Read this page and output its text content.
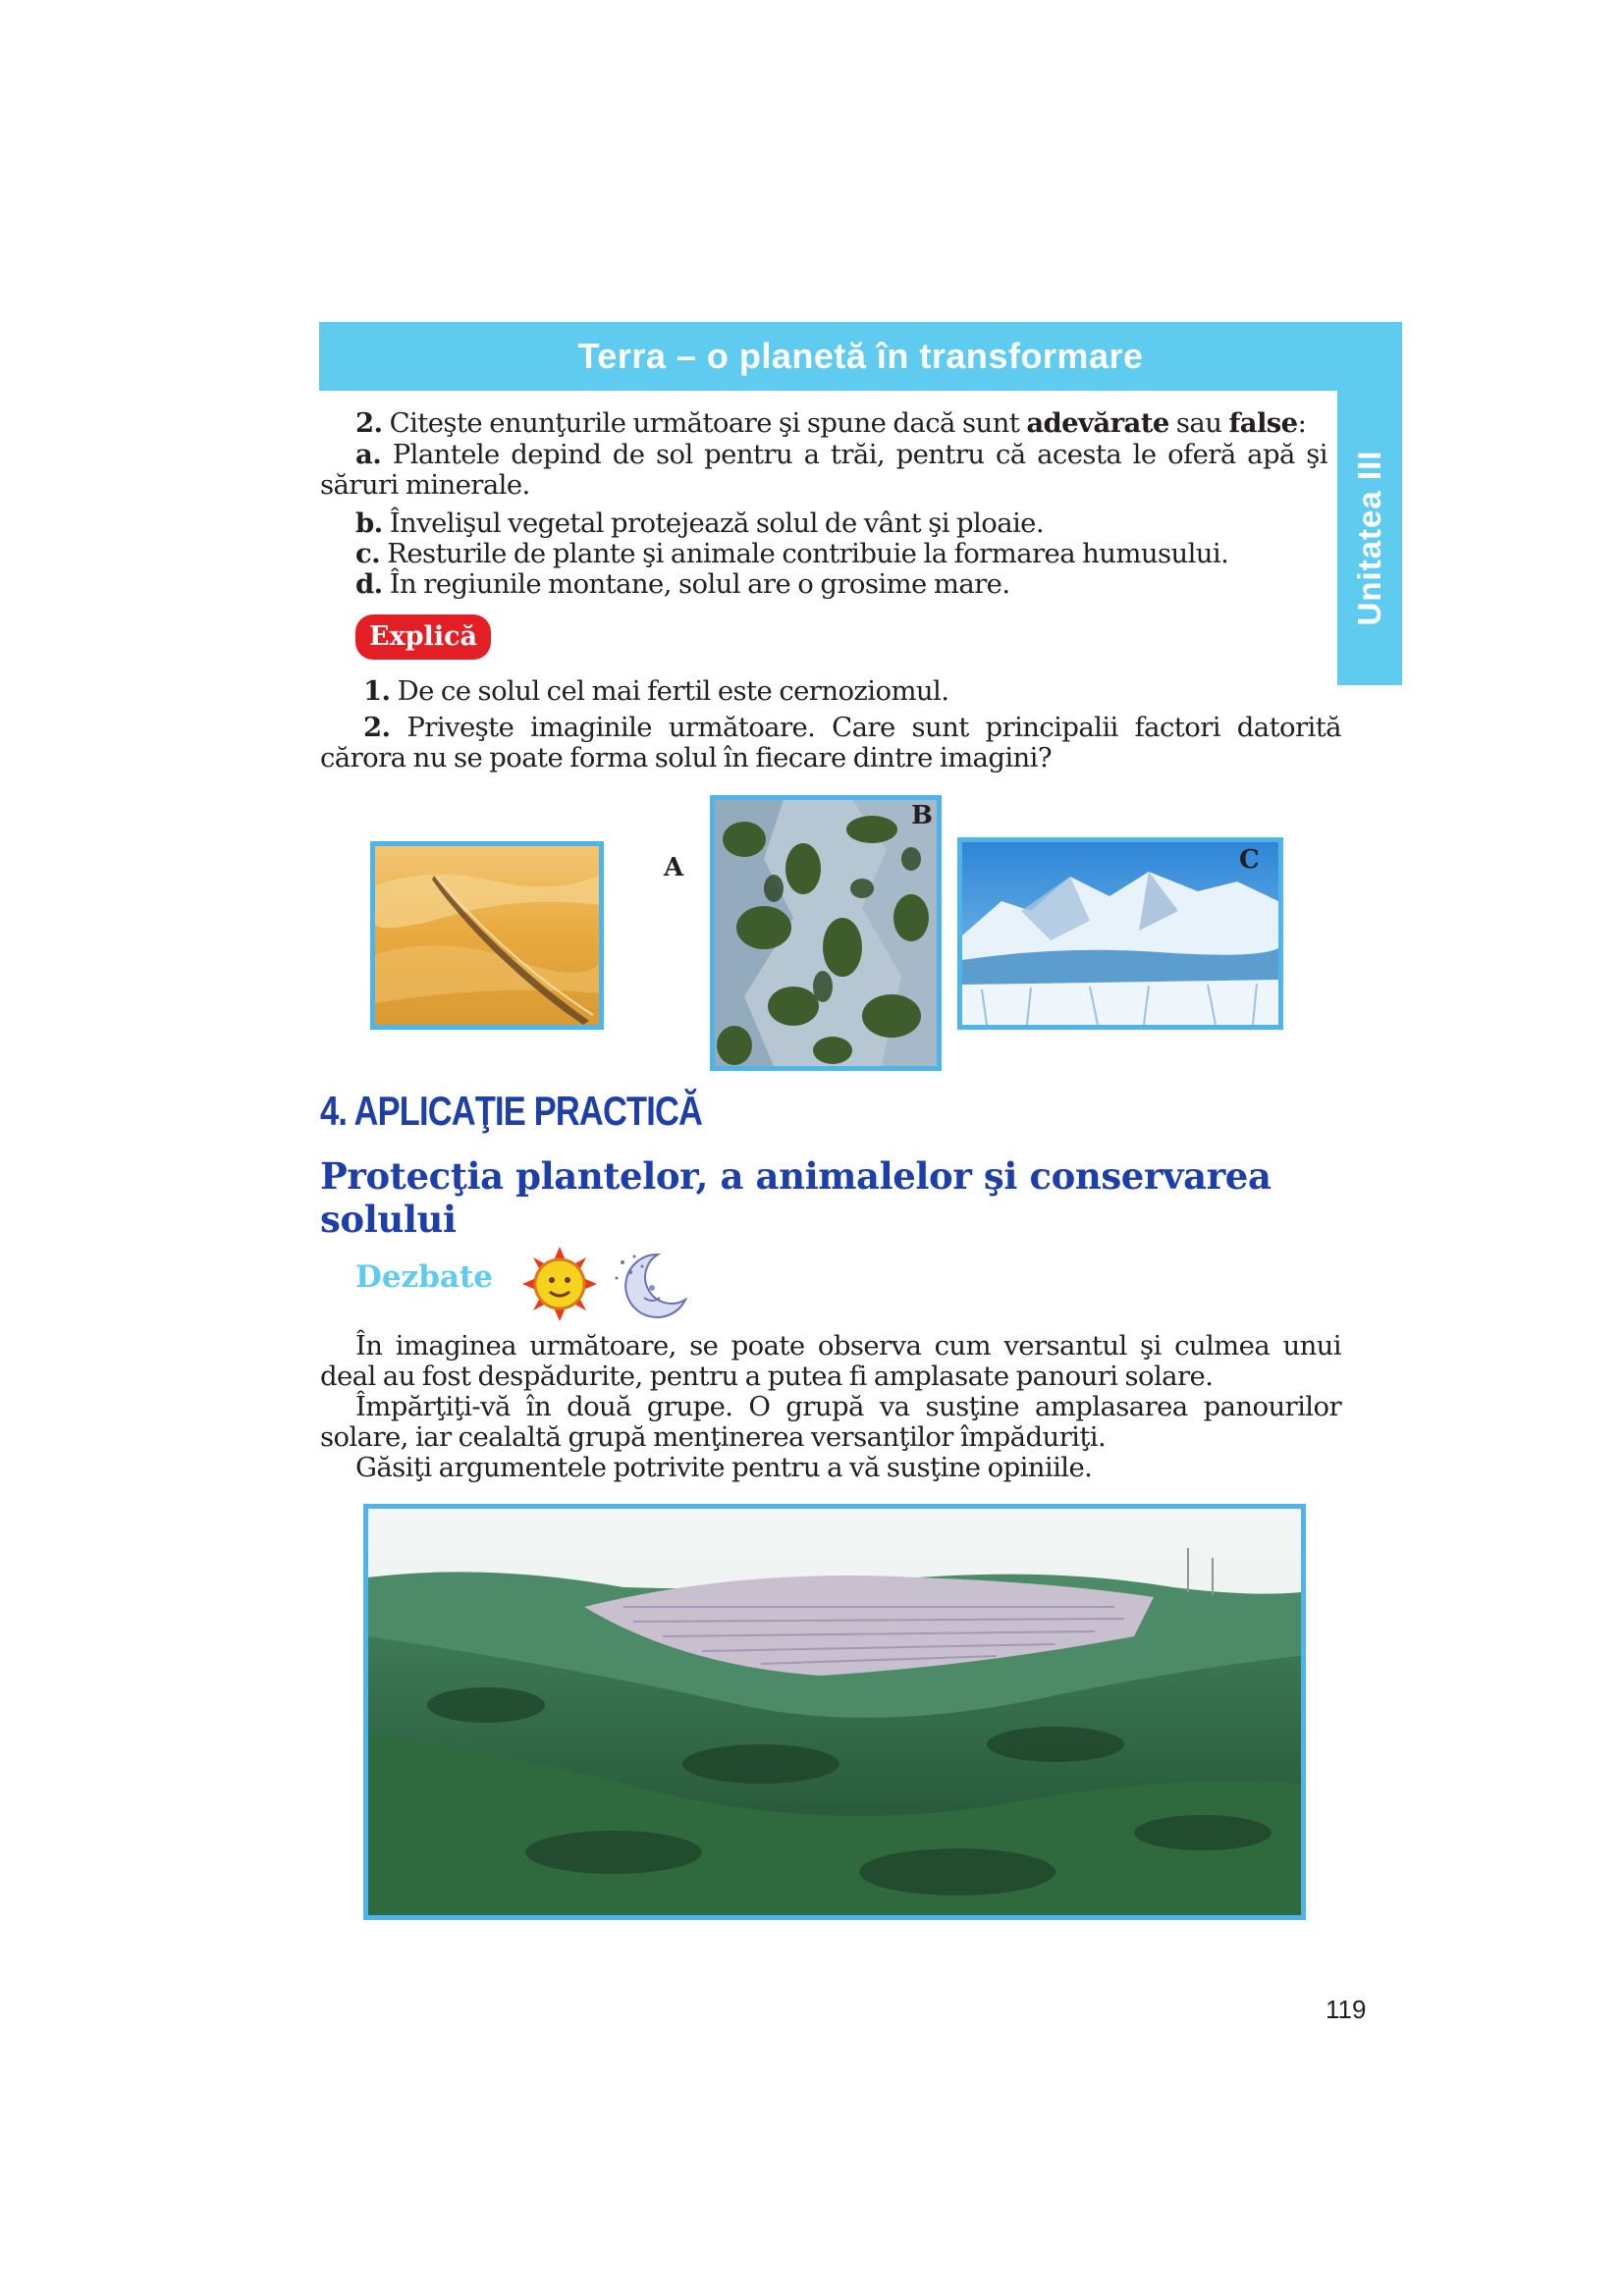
Terra – o planetă în transformare
Unitatea III
2. Citeşte enunţurile următoare şi spune dacă sunt adevărate sau false:
a. Plantele depind de sol pentru a trăi, pentru că acesta le oferă apă şi săruri minerale.
b. Învelişul vegetal protejează solul de vânt şi ploaie.
c. Resturile de plante şi animale contribuie la formarea humusului.
d. În regiunile montane, solul are o grosime mare.
Explică
1. De ce solul cel mai fertil este cernoziomul.
2. Priveşte imaginile următoare. Care sunt principalii factori datorită cărora nu se poate forma solul în fiecare dintre imagini?
A
B
C
4. APLICAŢIE PRACTICĂ
Protecţia plantelor, a animalelor şi conservarea solului
Dezbate
În imaginea următoare, se poate observa cum versantul şi culmea unui deal au fost despădurite, pentru a putea fi amplasate panouri solare.
Împărţiţi-vă în două grupe. O grupă va susţine amplasarea panourilor solare, iar cealaltă grupă menţinerea versanţilor împăduriţi.
Găsiţi argumentele potrivite pentru a vă susţine opiniile.
119
